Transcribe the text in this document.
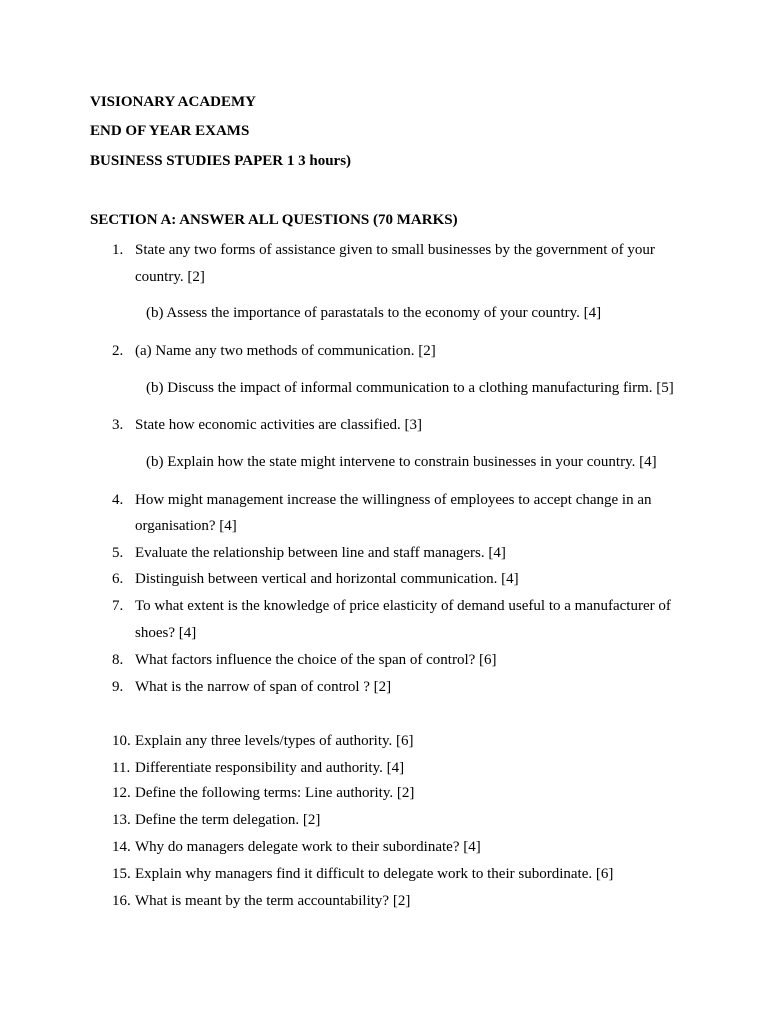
VISIONARY ACADEMY
END OF YEAR EXAMS
BUSINESS STUDIES PAPER 1 3 hours)
SECTION A: ANSWER ALL QUESTIONS (70 MARKS)
1. State any two forms of assistance given to small businesses by the government of your
country. [2]
(b) Assess the importance of parastatals to the economy of your country. [4]
2. (a) Name any two methods of communication. [2]
(b) Discuss the impact of informal communication to a clothing manufacturing firm. [5]
3. State how economic activities are classified. [3]
(b) Explain how the state might intervene to constrain businesses in your country. [4]
4. How might management increase the willingness of employees to accept change in an
organisation? [4]
5. Evaluate the relationship between line and staff managers. [4]
6. Distinguish between vertical and horizontal communication. [4]
7. To what extent is the knowledge of price elasticity of demand useful to a manufacturer of
shoes? [4]
8. What factors influence the choice of the span of control? [6]
9. What is the narrow of span of control ? [2]
10. Explain any three levels/types of authority. [6]
11. Differentiate responsibility and authority. [4]
12. Define the following terms: Line authority. [2]
13. Define the term delegation. [2]
14. Why do managers delegate work to their subordinate? [4]
15. Explain why managers find it difficult to delegate work to their subordinate. [6]
16. What is meant by the term accountability? [2]
